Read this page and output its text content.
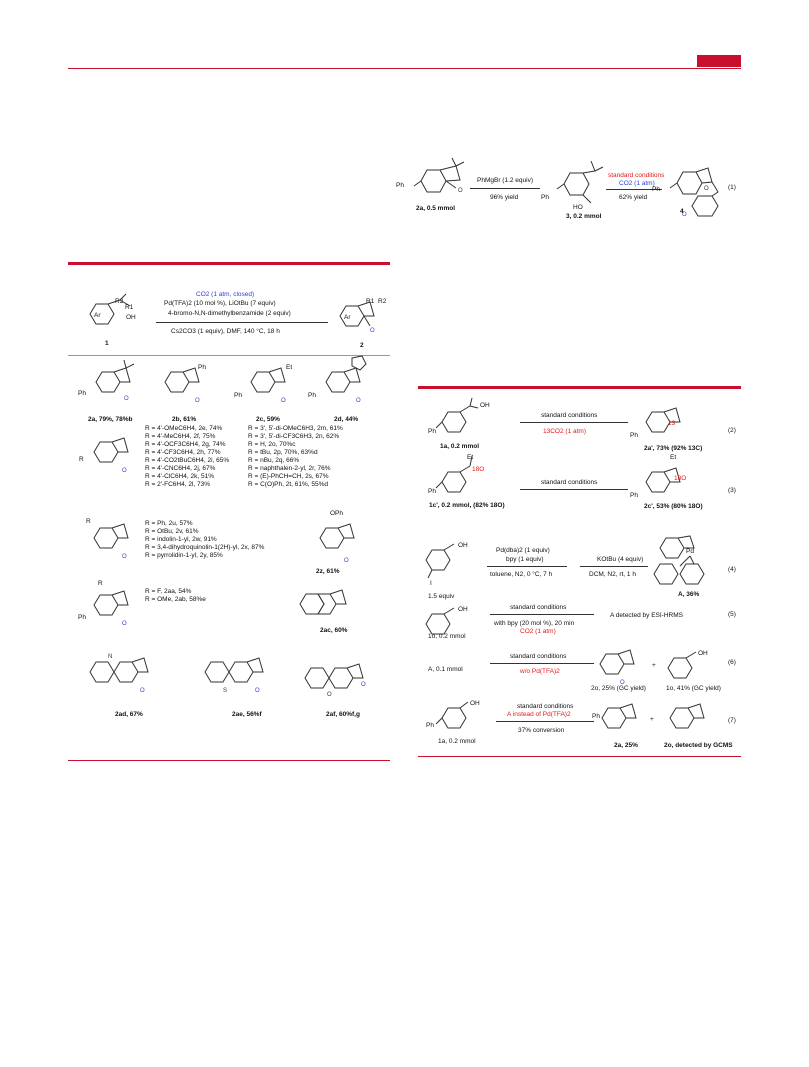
O
Ph
2a, 0.5 mmol
PhMgBr (1.2 equiv)
96% yield
HO
Ph
3, 0.2 mmol
standard conditions
CO2 (1 atm)
62% yield
O
O
Ph
4
(1)
Ar
R2
R1
OH
1
CO2 (1 atm, closed)
Pd(TFA)2 (10 mol %), LiOtBu (7 equiv)
4-bromo-N,N-dimethylbenzamide (2 equiv)
Cs2CO3 (1 equiv), DMF, 140 °C, 18 h	O
Ar
R1 R2
2
O
Ph
2a, 79%, 78%b
O
Ph
2b, 61%
O
Et
Ph
2c, 59%
O
Ph
2d, 44%
O
R
R = 4'-OMeC6H4, 2e, 74%
R = 4'-MeC6H4, 2f, 75%
R = 4'-OCF3C6H4, 2g, 74%
R = 4'-CF3C6H4, 2h, 77%
R = 4'-CO2tBuC6H4, 2i, 65%
R = 4'-CNC6H4, 2j, 67%
R = 4'-ClC6H4, 2k, 51%
R = 2'-FC6H4, 2l, 73%
R = 3', 5'-di-OMeC6H3, 2m, 61%
R = 3', 5'-di-CF3C6H3, 2n, 62%
R = H, 2o, 70%c
R = tBu, 2p, 70%, 63%d
R = nBu, 2q, 66%
R = naphthalen-2-yl, 2r, 76%
R = (E)-PhCH=CH, 2s, 67%
R = C(O)Ph, 2t, 61%, 55%d
O
R	R = Ph, 2u, 57%
R = OtBu, 2v, 61%
R = indolin-1-yl, 2w, 91%
R = 3,4-dihydroquinolin-1(2H)-yl, 2x, 87%
R = pyrrolidin-1-yl, 2y, 85%
O
OPh
2z, 61%
O
R
Ph
R = F, 2aa, 54%
R = OMe, 2ab, 58%e
2ac, 60%
O
N
2ad, 67%
S	O
2ae, 56%f
O
O
2af, 60%f,g
OH
Ph
1a, 0.2 mmol
standard conditions
13CO2 (1 atm)
13
Ph
2a', 73% (92% 13C)
(2)
Et
18O
Ph
1c', 0.2 mmol, (82% 18O)
standard conditions
Et
18O
Ph
2c', 53% (80% 18O)
(3)
OH
I
1.5 equiv
Pd(dba)2 (1 equiv)
bpy (1 equiv)
toluene, N2, 0 °C, 7 h
KOtBu (4 equiv)
DCM, N2, rt, 1 h
Pd
A, 36%
(4)
OH
1o, 0.2 mmol
standard conditions
with bpy (20 mol %), 20 min
CO2 (1 atm)
A detected by ESI-HRMS	(5)
A, 0.1 mmol
standard conditions
w/o Pd(TFA)2
O
+
OH
2o, 25% (GC yield)	1o, 41% (GC yield)
(6)
OH
Ph
1a, 0.2 mmol
standard conditions
A instead of Pd(TFA)2
37% conversion
Ph	+
2a, 25%	2o, detected by GCMS
(7)
